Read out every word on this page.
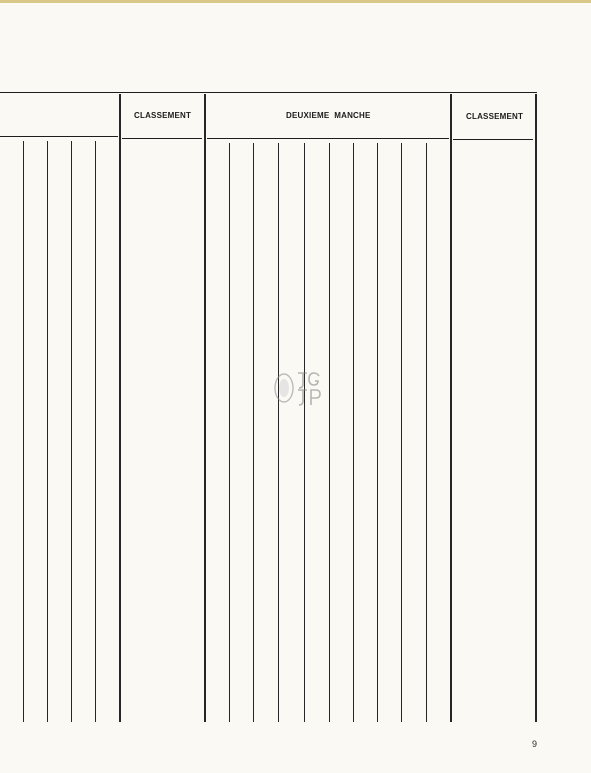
CLASSEMENT	DEUXIEME  MANCHE	CLASSEMENT
9
